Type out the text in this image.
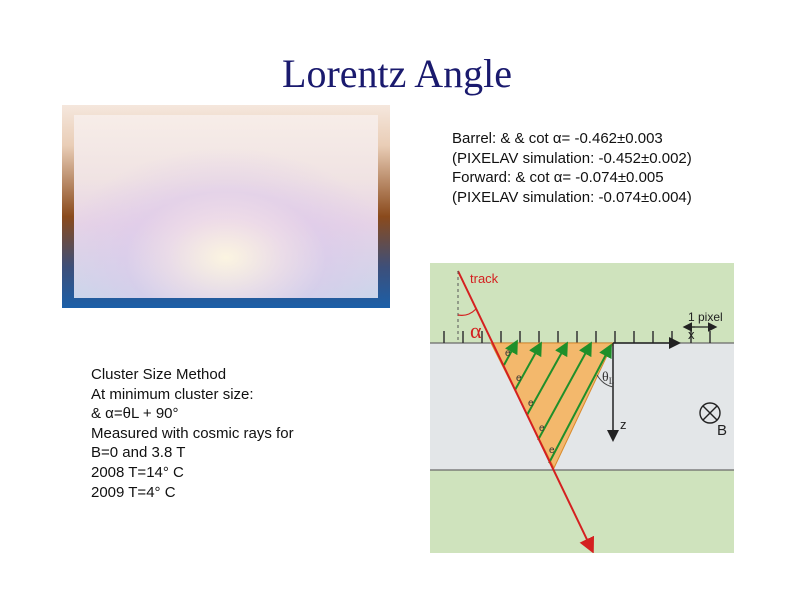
Lorentz Angle
Barrel: & & cot α= -0.462±0.003
(PIXELAV simulation: -0.452±0.002)
Forward: & cot α= -0.074±0.005
(PIXELAV simulation: -0.074±0.004)
Cluster Size Method
At minimum cluster size:
& α=θL + 90°
Measured with cosmic rays for
B=0 and 3.8 T
2008 T=14° C
2009 T=4° C
track
α	x
z
$\theta_L$
1 pixel
B
e
e
e
e
e
